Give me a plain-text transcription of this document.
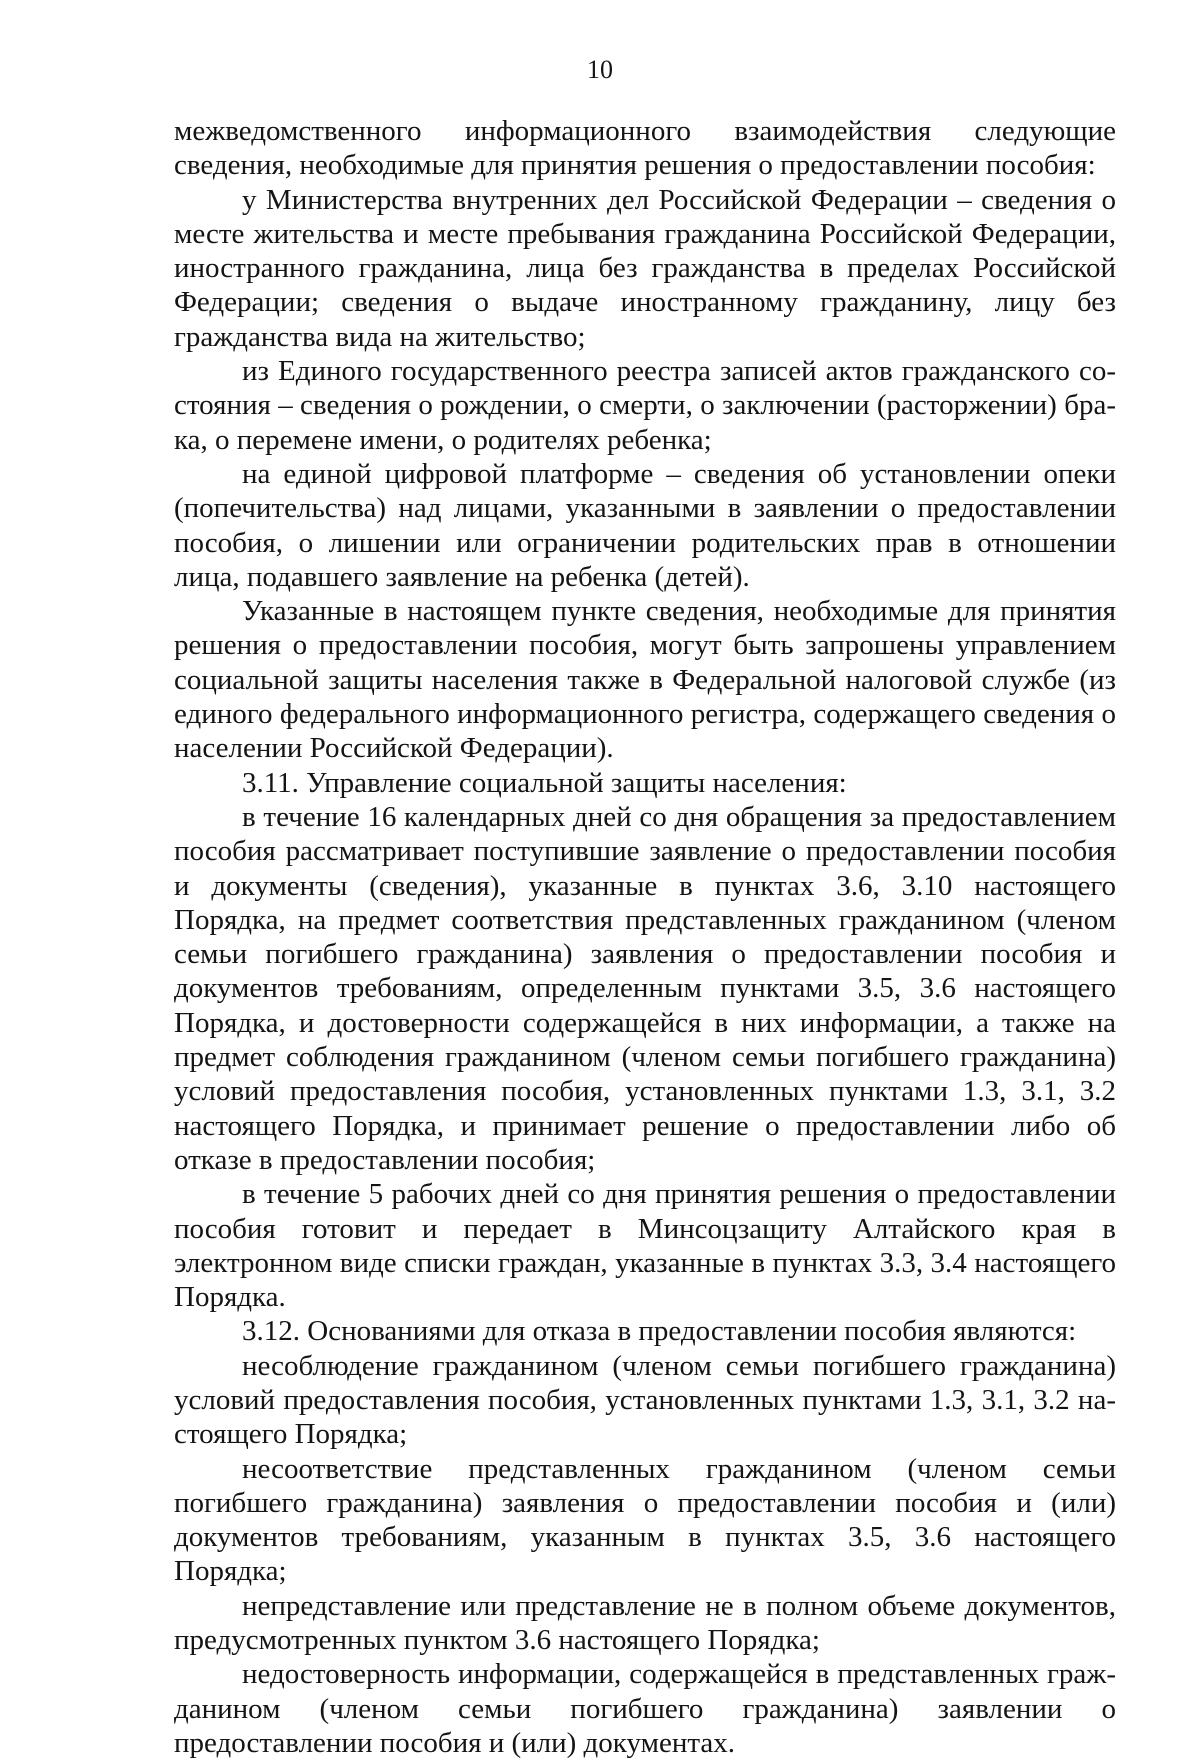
10

межведомственного информационного взаимодействия следующие сведения, необходимые для принятия решения о предоставлении пособия:

у Министерства внутренних дел Российской Федерации – сведения о месте жительства и месте пребывания гражданина Российской Федерации, иностранного гражданина, лица без гражданства в пределах Российской Федерации; сведения о выдаче иностранному гражданину, лицу без гражданства вида на жительство;

из Единого государственного реестра записей актов гражданского состояния – сведения о рождении, о смерти, о заключении (расторжении) брака, о перемене имени, о родителях ребенка;

на единой цифровой платформе – сведения об установлении опеки (попечительства) над лицами, указанными в заявлении о предоставлении пособия, о лишении или ограничении родительских прав в отношении лица, подавшего заявление на ребенка (детей).

Указанные в настоящем пункте сведения, необходимые для принятия решения о предоставлении пособия, могут быть запрошены управлением социальной защиты населения также в Федеральной налоговой службе (из единого федерального информационного регистра, содержащего сведения о населении Российской Федерации).

3.11. Управление социальной защиты населения:

в течение 16 календарных дней со дня обращения за предоставлением пособия рассматривает поступившие заявление о предоставлении пособия и документы (сведения), указанные в пунктах 3.6, 3.10 настоящего Порядка, на предмет соответствия представленных гражданином (членом семьи погибшего гражданина) заявления о предоставлении пособия и документов требованиям, определенным пунктами 3.5, 3.6 настоящего Порядка, и достоверности содержащейся в них информации, а также на предмет соблюдения гражданином (членом семьи погибшего гражданина) условий предоставления пособия, установленных пунктами 1.3, 3.1, 3.2 настоящего Порядка, и принимает решение о предоставлении либо об отказе в предоставлении пособия;

в течение 5 рабочих дней со дня принятия решения о предоставлении пособия готовит и передает в Минсоцзащиту Алтайского края в электронном виде списки граждан, указанные в пунктах 3.3, 3.4 настоящего Порядка.

3.12. Основаниями для отказа в предоставлении пособия являются:

несоблюдение гражданином (членом семьи погибшего гражданина) условий предоставления пособия, установленных пунктами 1.3, 3.1, 3.2 настоящего Порядка;

несоответствие представленных гражданином (членом семьи погибшего гражданина) заявления о предоставлении пособия и (или) документов требованиям, указанным в пунктах 3.5, 3.6 настоящего Порядка;

непредставление или представление не в полном объеме документов, предусмотренных пунктом 3.6 настоящего Порядка;

недостоверность информации, содержащейся в представленных гражданином (членом семьи погибшего гражданина) заявлении о предоставлении пособия и (или) документах.
